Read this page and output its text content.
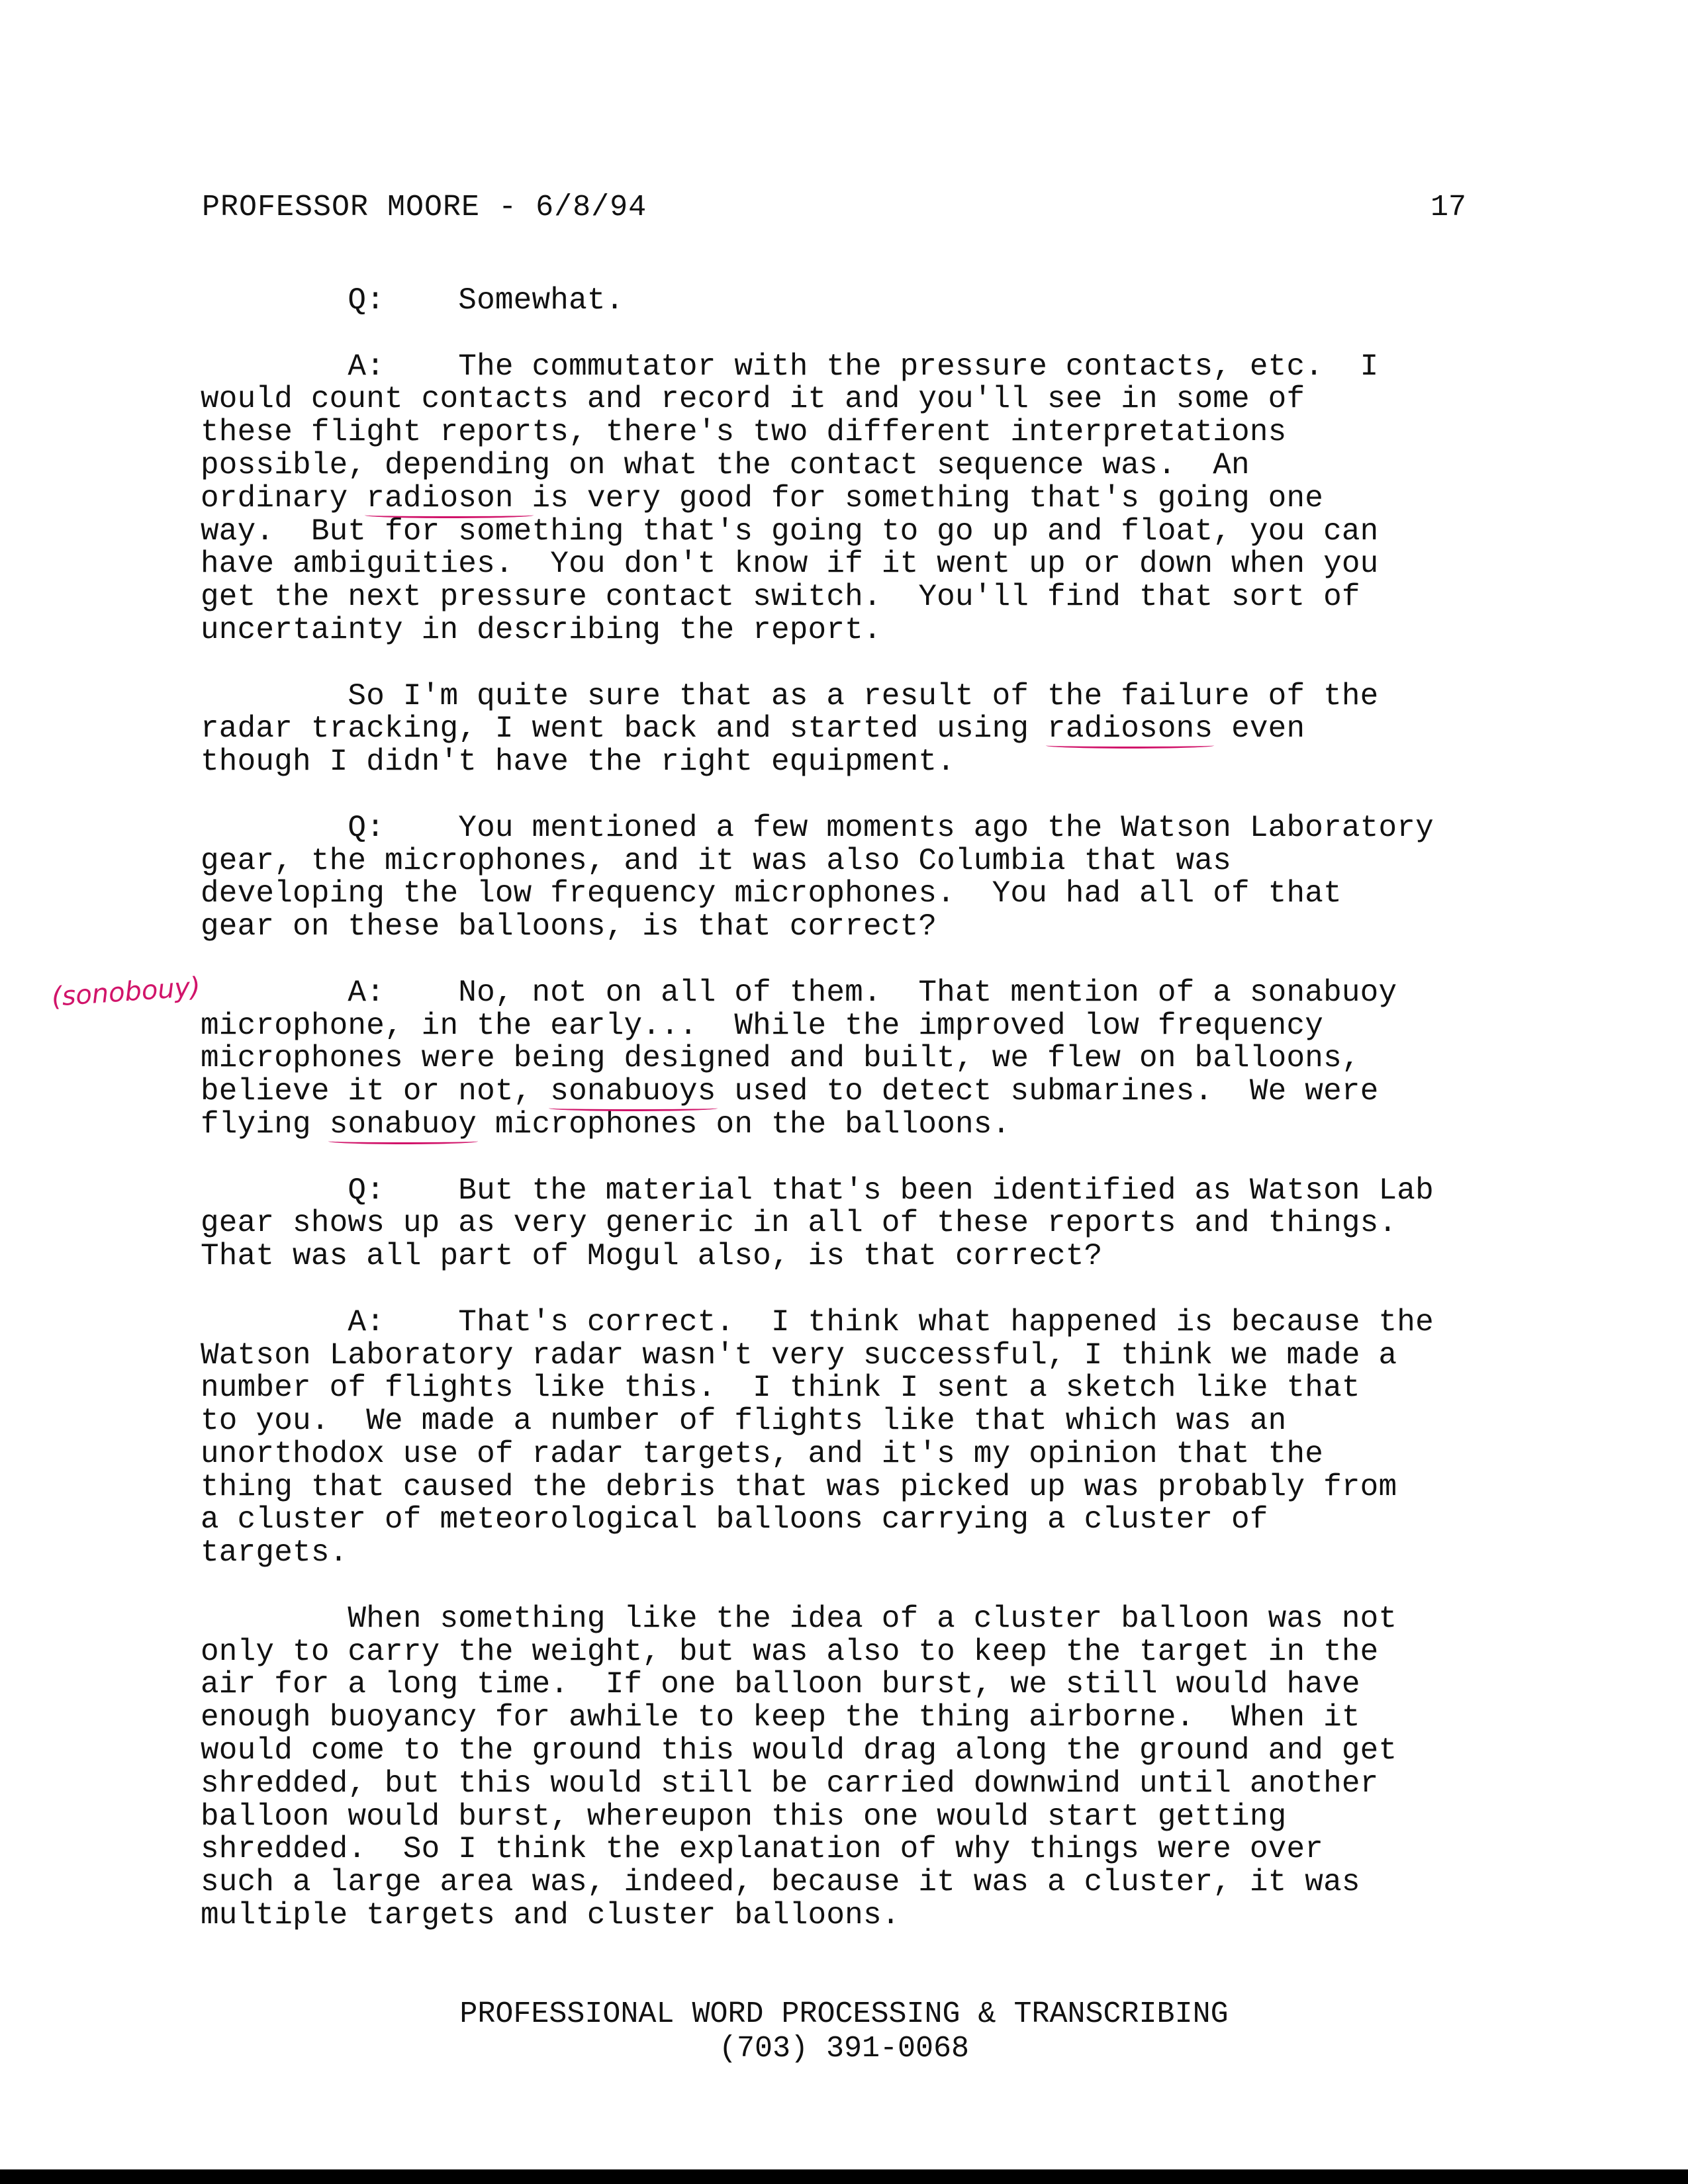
PROFESSOR MOORE - 6/8/94	17
(sonobouy)
Q:    Somewhat.
A:    The commutator with the pressure contacts, etc.  I
would count contacts and record it and you'll see in some of
these flight reports, there's two different interpretations
possible, depending on what the contact sequence was.  An
ordinary radioson is very good for something that's going one
way.  But for something that's going to go up and float, you can
have ambiguities.  You don't know if it went up or down when you
get the next pressure contact switch.  You'll find that sort of
uncertainty in describing the report.
So I'm quite sure that as a result of the failure of the
radar tracking, I went back and started using radiosons even
though I didn't have the right equipment.
Q:    You mentioned a few moments ago the Watson Laboratory
gear, the microphones, and it was also Columbia that was
developing the low frequency microphones.  You had all of that
gear on these balloons, is that correct?
A:    No, not on all of them.  That mention of a sonabuoy
microphone, in the early...  While the improved low frequency
microphones were being designed and built, we flew on balloons,
believe it or not, sonabuoys used to detect submarines.  We were
flying sonabuoy microphones on the balloons.
Q:    But the material that's been identified as Watson Lab
gear shows up as very generic in all of these reports and things.
That was all part of Mogul also, is that correct?
A:    That's correct.  I think what happened is because the
Watson Laboratory radar wasn't very successful, I think we made a
number of flights like this.  I think I sent a sketch like that
to you.  We made a number of flights like that which was an
unorthodox use of radar targets, and it's my opinion that the
thing that caused the debris that was picked up was probably from
a cluster of meteorological balloons carrying a cluster of
targets.
When something like the idea of a cluster balloon was not
only to carry the weight, but was also to keep the target in the
air for a long time.  If one balloon burst, we still would have
enough buoyancy for awhile to keep the thing airborne.  When it
would come to the ground this would drag along the ground and get
shredded, but this would still be carried downwind until another
balloon would burst, whereupon this one would start getting
shredded.  So I think the explanation of why things were over
such a large area was, indeed, because it was a cluster, it was
multiple targets and cluster balloons.
PROFESSIONAL WORD PROCESSING & TRANSCRIBING
(703) 391-0068
